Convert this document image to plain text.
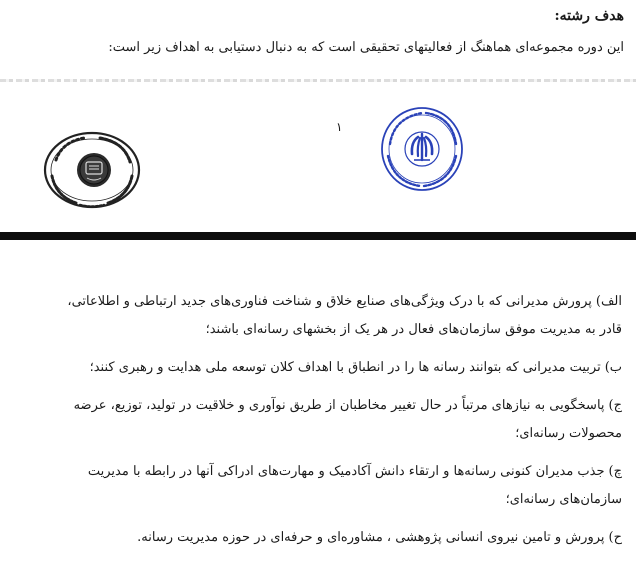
هدف رشته:
این دوره مجموعه‌ای هماهنگ از فعالیتهای تحقیقی است که به دنبال دستیابی به اهداف زیر است:
۱

الف)پرورش مدیرانی که با درک ویژگی‌های صنایع خلاق و شناخت فناوری‌های جدید ارتباطی و اطلاعاتی،

قادر به مدیریت موفق سازمان‌های فعال در هر یک از بخشهای رسانه‌ای باشند؛

ب)تربیت مدیرانی که بتوانند رسانه ها را در انطباق با اهداف کلان توسعه ملی هدایت و رهبری کنند؛

ج)پاسخگویی به نیازهای مرتباً در حال تغییر مخاطبان از طریق نوآوری و خلاقیت در تولید، توزیع، عرضه

محصولات رسانه‌ای؛

چ)جذب مدیران کنونی رسانه‌ها و ارتقاء دانش آکادمیک و مهارت‌های ادراکی آنها در رابطه با مدیریت

سازمان‌های رسانه‌ای؛

ح)پرورش و تامین نیروی انسانی پژوهشی ، مشاوره‌ای و حرفه‌ای در حوزه مدیریت رسانه.
